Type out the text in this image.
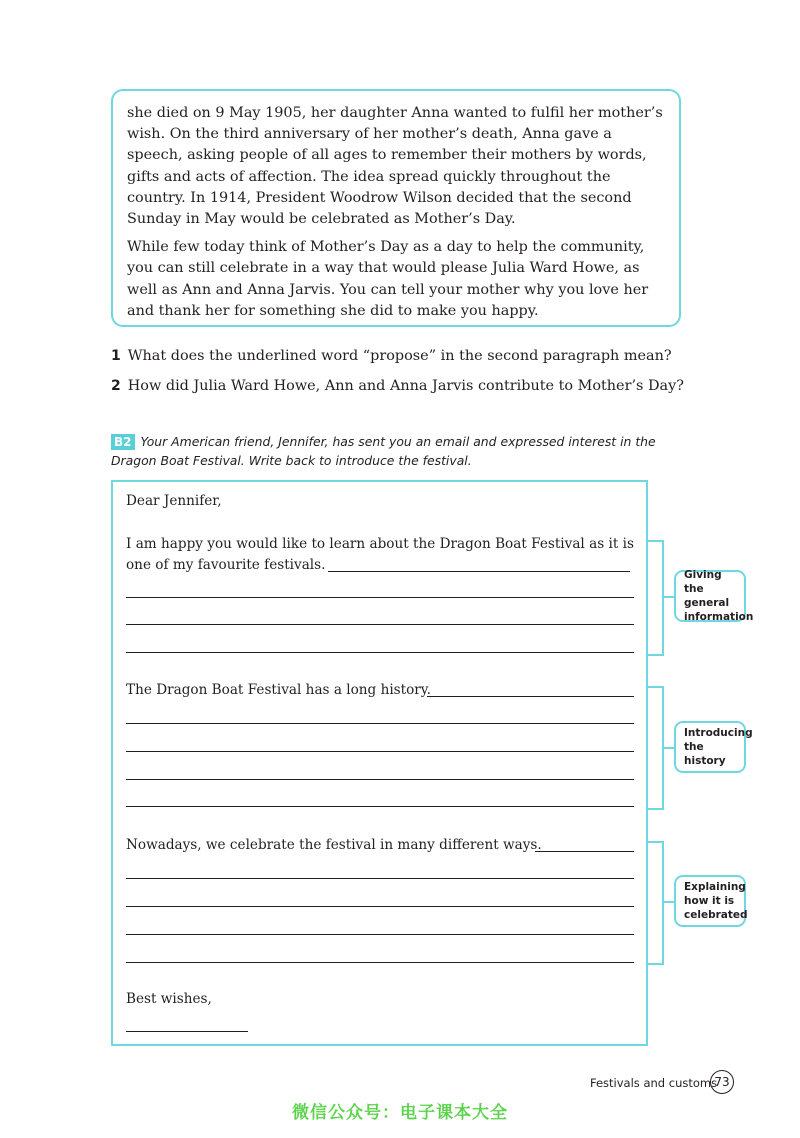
she died on 9 May 1905, her daughter Anna wanted to fulfil her mother’s wish. On the third anniversary of her mother’s death, Anna gave a speech, asking people of all ages to remember their mothers by words, gifts and acts of affection. The idea spread quickly throughout the country. In 1914, President Woodrow Wilson decided that the second Sunday in May would be celebrated as Mother’s Day.

While few today think of Mother’s Day as a day to help the community, you can still celebrate in a way that would please Julia Ward Howe, as well as Ann and Anna Jarvis. You can tell your mother why you love her and thank her for something she did to make you happy.

1 What does the underlined word “propose” in the second paragraph mean?
2 How did Julia Ward Howe, Ann and Anna Jarvis contribute to Mother’s Day?
B2 Your American friend, Jennifer, has sent you an email and expressed interest in the
Dragon Boat Festival. Write back to introduce the festival.
Dear Jennifer,
I am happy you would like to learn about the Dragon Boat Festival as it is
one of my favourite festivals.
The Dragon Boat Festival has a long history.
Nowadays, we celebrate the festival in many different ways.
Best wishes,
Giving the
general
information
Introducing
the history
Explaining
how it is
celebrated
Festivals and customs
73
微信公众号：电子课本大全
